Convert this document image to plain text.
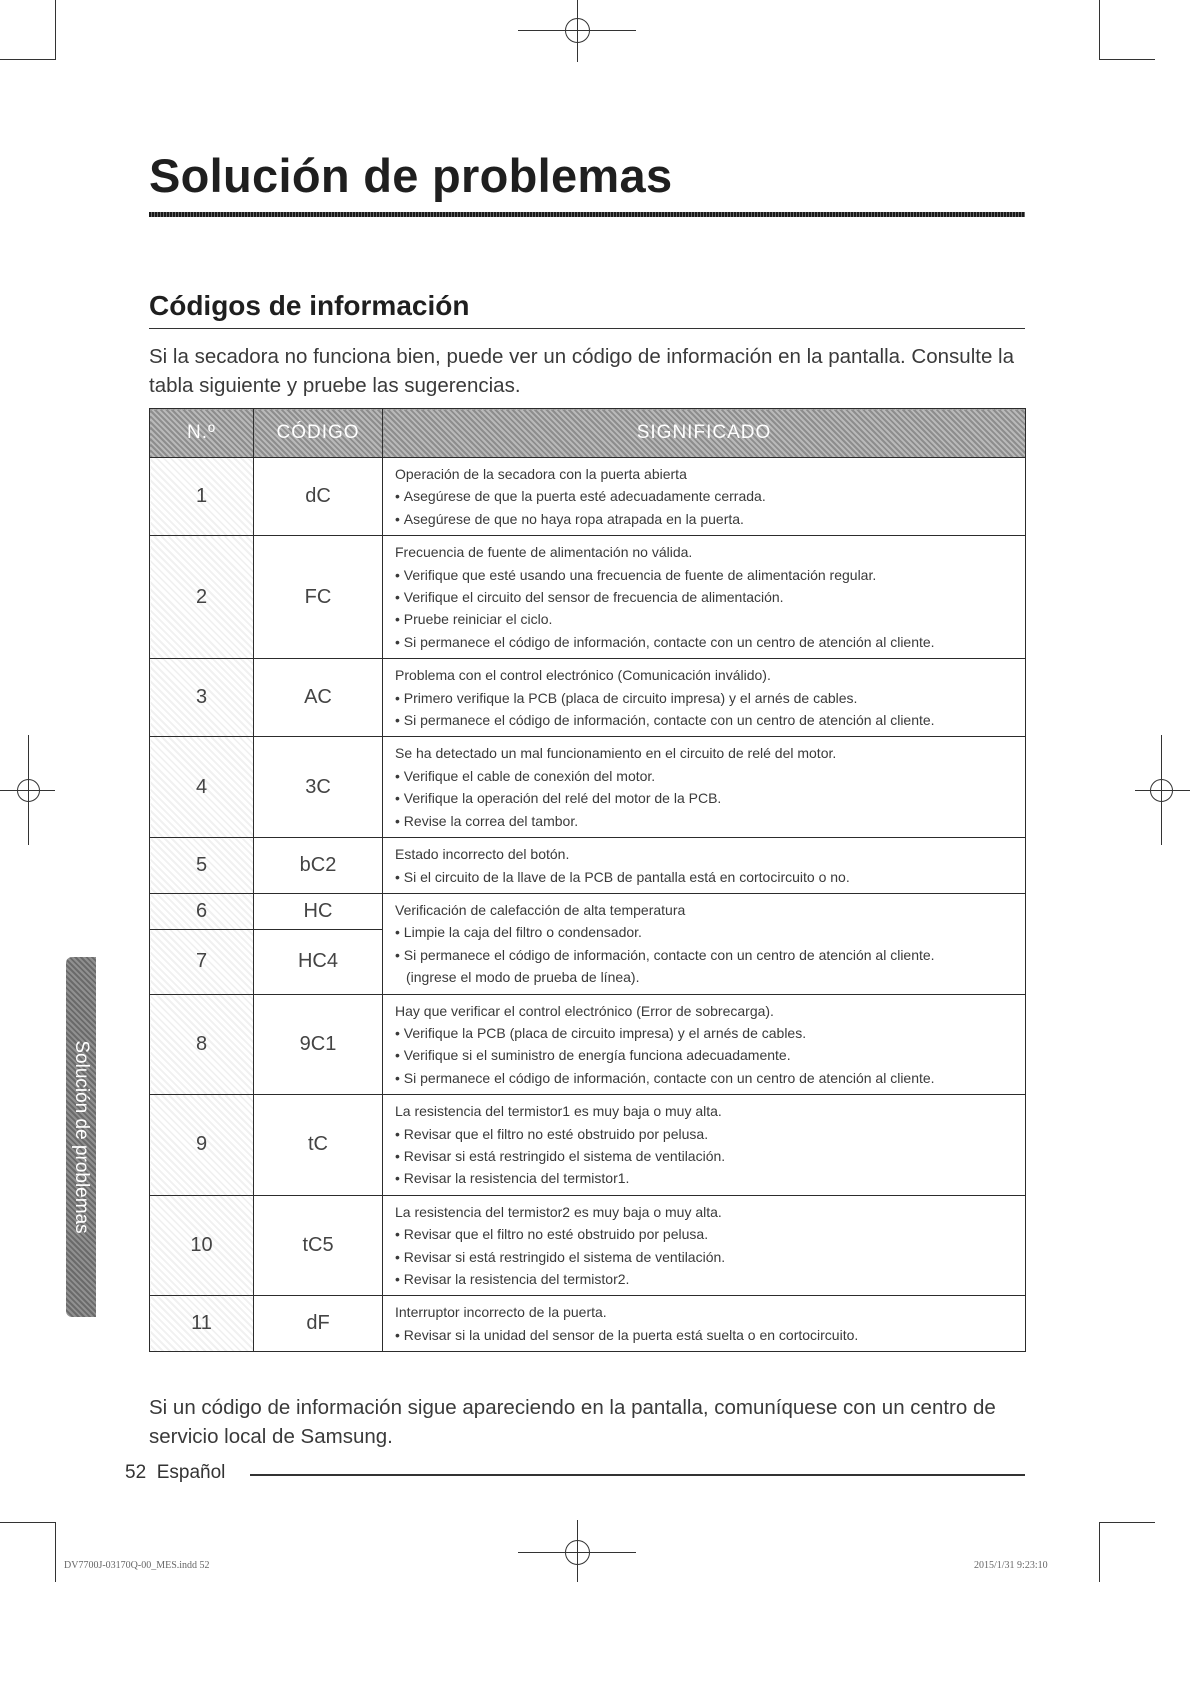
Solución de problemas
Códigos de información

Si la secadora no funciona bien, puede ver un código de información en la pantalla. Consulte la tabla siguiente y pruebe las sugerencias.

N.º	CÓDIGO	SIGNIFICADO
1	dC	Operación de la secadora con la puerta abierta
• Asegúrese de que la puerta esté adecuadamente cerrada.
• Asegúrese de que no haya ropa atrapada en la puerta.

2	FC	Frecuencia de fuente de alimentación no válida.
• Verifique que esté usando una frecuencia de fuente de alimentación regular.
• Verifique el circuito del sensor de frecuencia de alimentación.
• Pruebe reiniciar el ciclo.
• Si permanece el código de información, contacte con un centro de atención al cliente.

3	AC	Problema con el control electrónico (Comunicación inválido).
• Primero verifique la PCB (placa de circuito impresa) y el arnés de cables.
• Si permanece el código de información, contacte con un centro de atención al cliente.

4	3C	Se ha detectado un mal funcionamiento en el circuito de relé del motor.
• Verifique el cable de conexión del motor.
• Verifique la operación del relé del motor de la PCB.
• Revise la correa del tambor.

5	bC2	Estado incorrecto del botón.
• Si el circuito de la llave de la PCB de pantalla está en cortocircuito o no.

6	HC	Verificación de calefacción de alta temperatura
• Limpie la caja del filtro o condensador.
• Si permanece el código de información, contacte con un centro de atención al cliente.
(ingrese el modo de prueba de línea).

7	HC4	
8	9C1	Hay que verificar el control electrónico (Error de sobrecarga).
• Verifique la PCB (placa de circuito impresa) y el arnés de cables.
• Verifique si el suministro de energía funciona adecuadamente.
• Si permanece el código de información, contacte con un centro de atención al cliente.

9	tC	La resistencia del termistor1 es muy baja o muy alta.
• Revisar que el filtro no esté obstruido por pelusa.
• Revisar si está restringido el sistema de ventilación.
• Revisar la resistencia del termistor1.

10	tC5	La resistencia del termistor2 es muy baja o muy alta.
• Revisar que el filtro no esté obstruido por pelusa.
• Revisar si está restringido el sistema de ventilación.
• Revisar la resistencia del termistor2.

11	dF	Interruptor incorrecto de la puerta.
• Revisar si la unidad del sensor de la puerta está suelta o en cortocircuito.

Si un código de información sigue apareciendo en la pantalla, comuníquese con un centro de servicio local de Samsung.

52 Español
Solución de problemas
DV7700J-03170Q-00_MES.indd 52	2015/1/31 9:23:10
